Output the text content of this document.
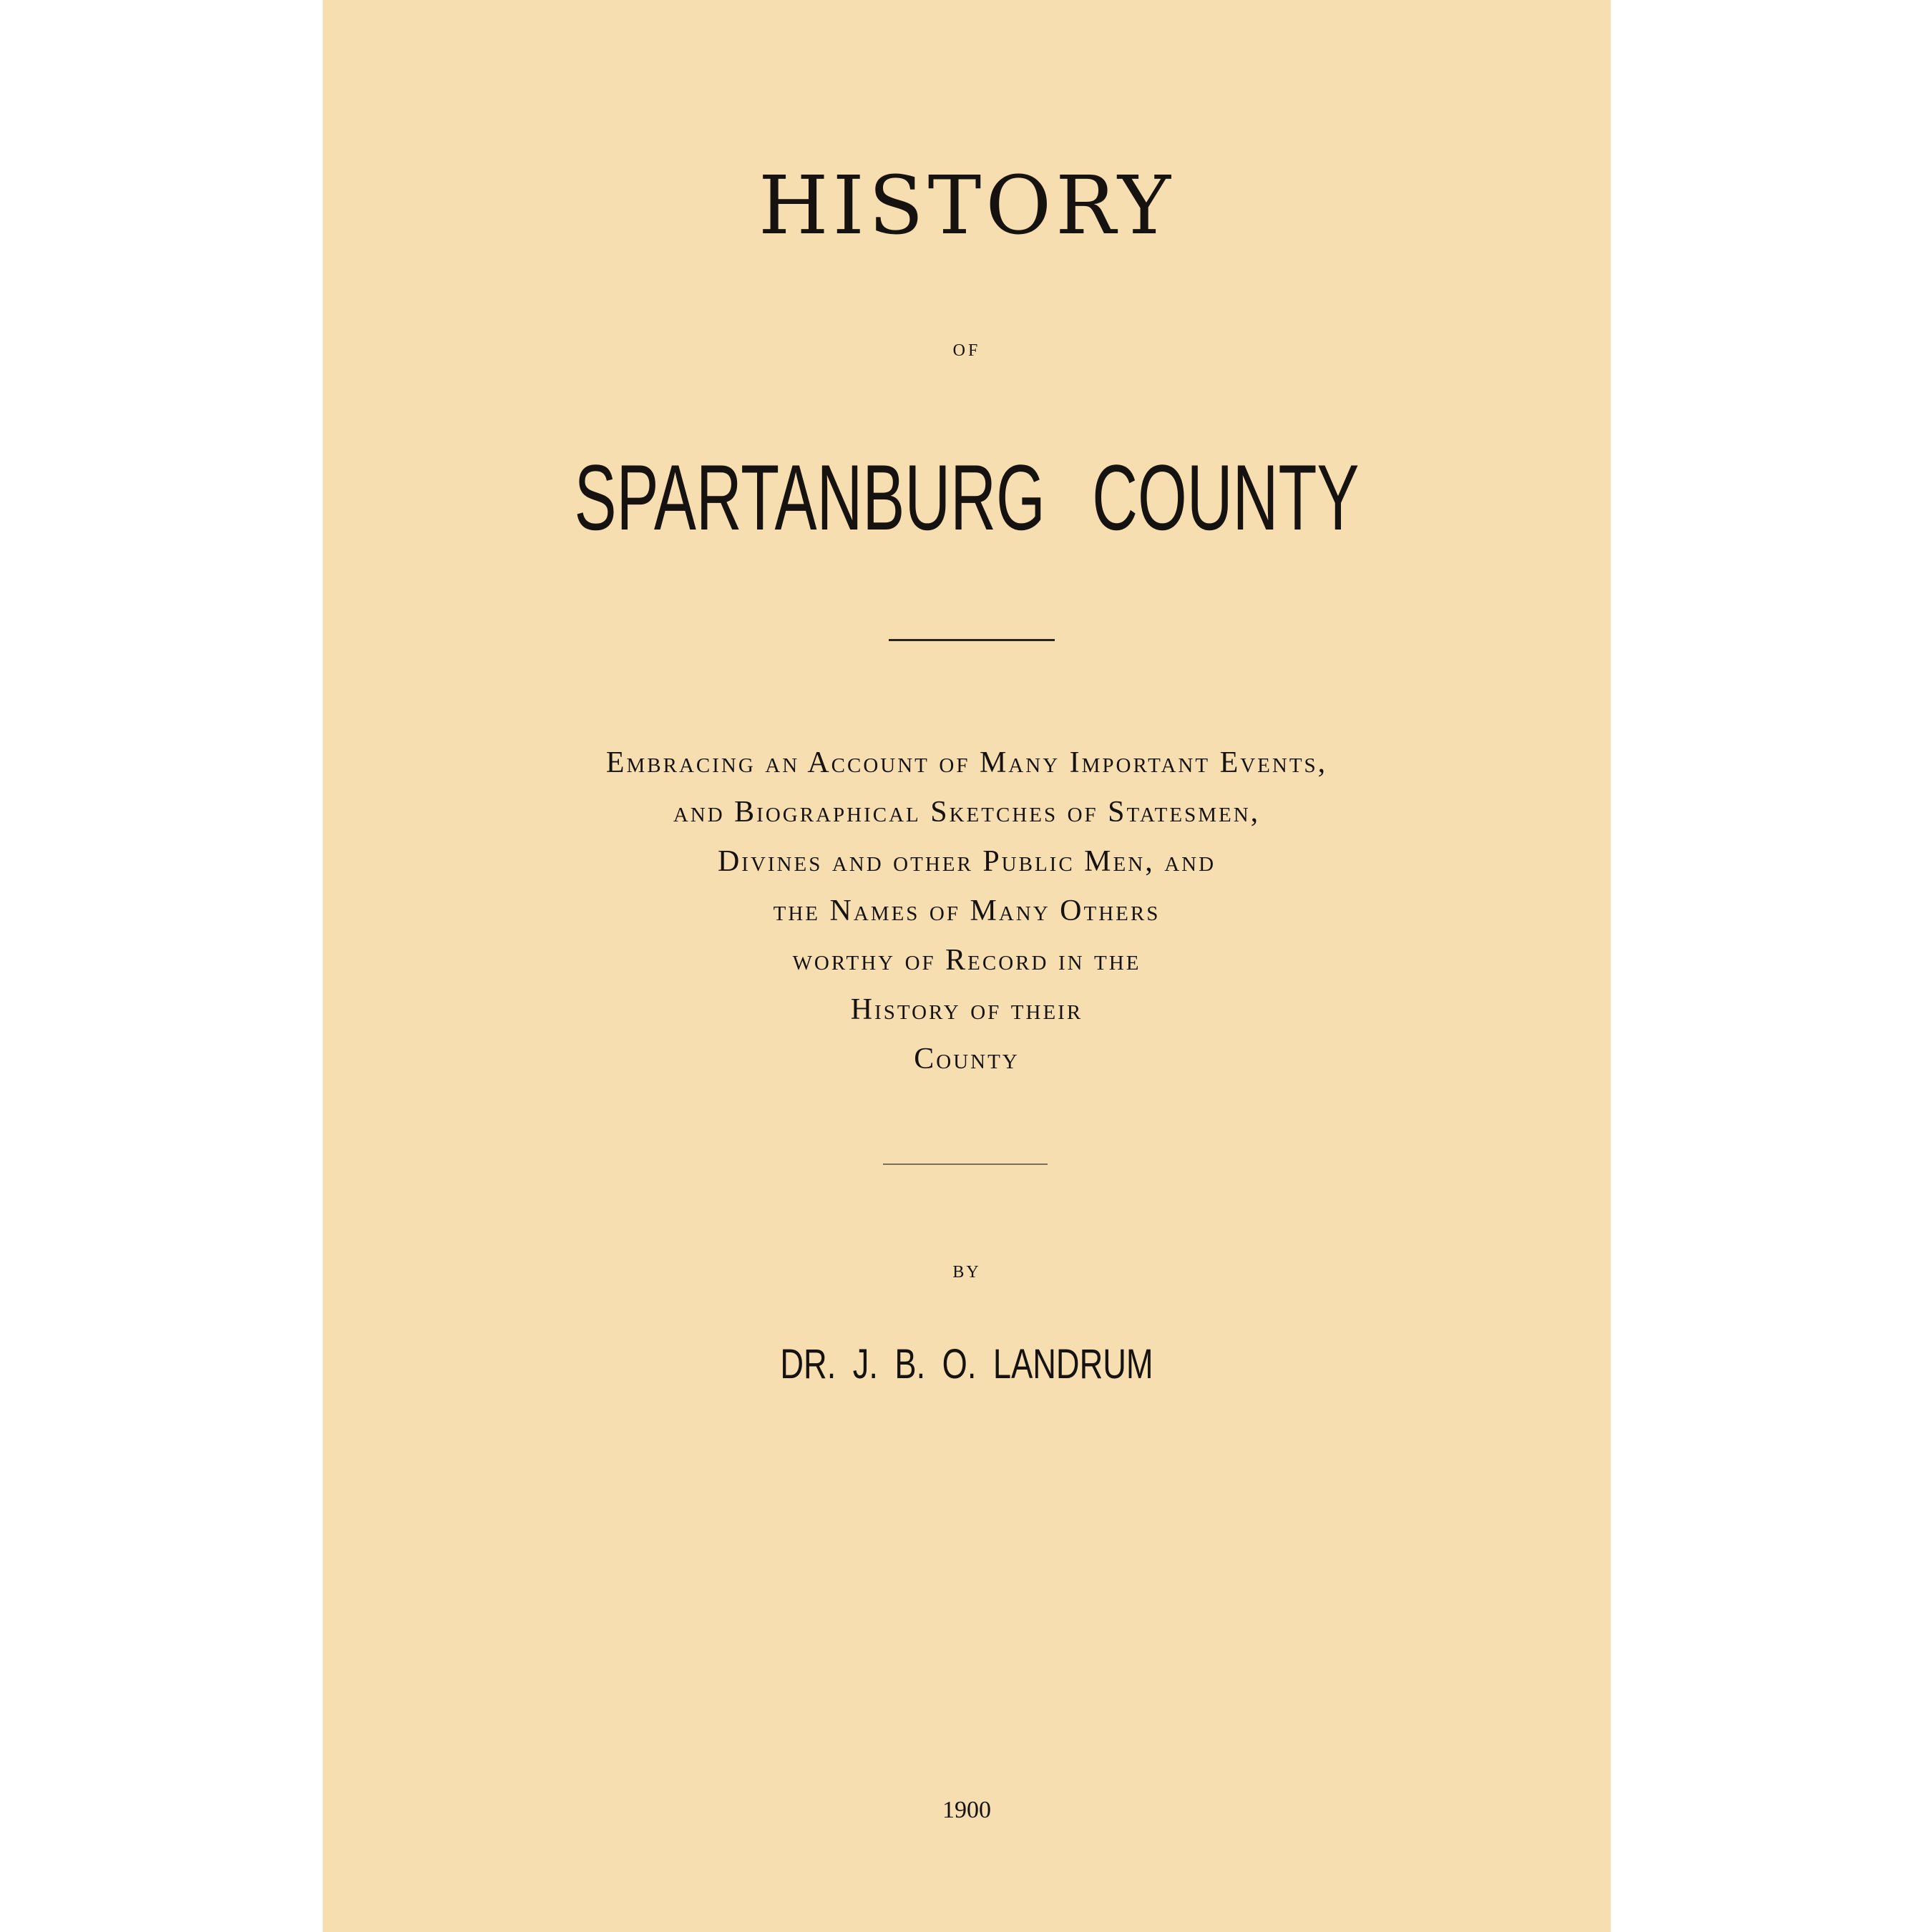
HISTORY
OF
SPARTANBURG COUNTY
Embracing an Account of Many Important Events,
and Biographical Sketches of Statesmen,
Divines and other Public Men, and
the Names of Many Others
worthy of Record in the
History of their
County
BY
DR. J. B. O. LANDRUM
1900
